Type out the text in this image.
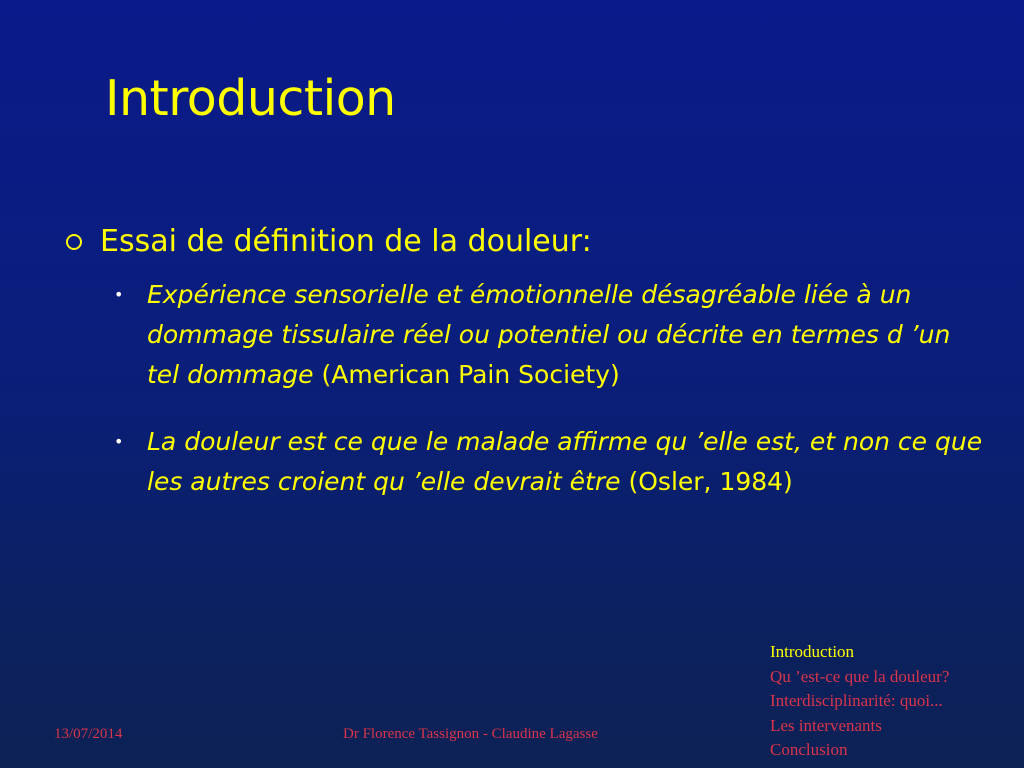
Introduction
Essai de définition de la douleur:
• Expérience sensorielle et émotionnelle désagréable liée à un dommage tissulaire réel ou potentiel ou décrite en termes d ’un tel dommage (American Pain Society)
• La douleur est ce que le malade affirme qu ’elle est, et non ce que les autres croient qu ’elle devrait être (Osler, 1984)
13/07/2014	Dr Florence Tassignon - Claudine Lagasse
Introduction
Qu ’est-ce que la douleur?
Interdisciplinarité: quoi...
Les intervenants
Conclusion
